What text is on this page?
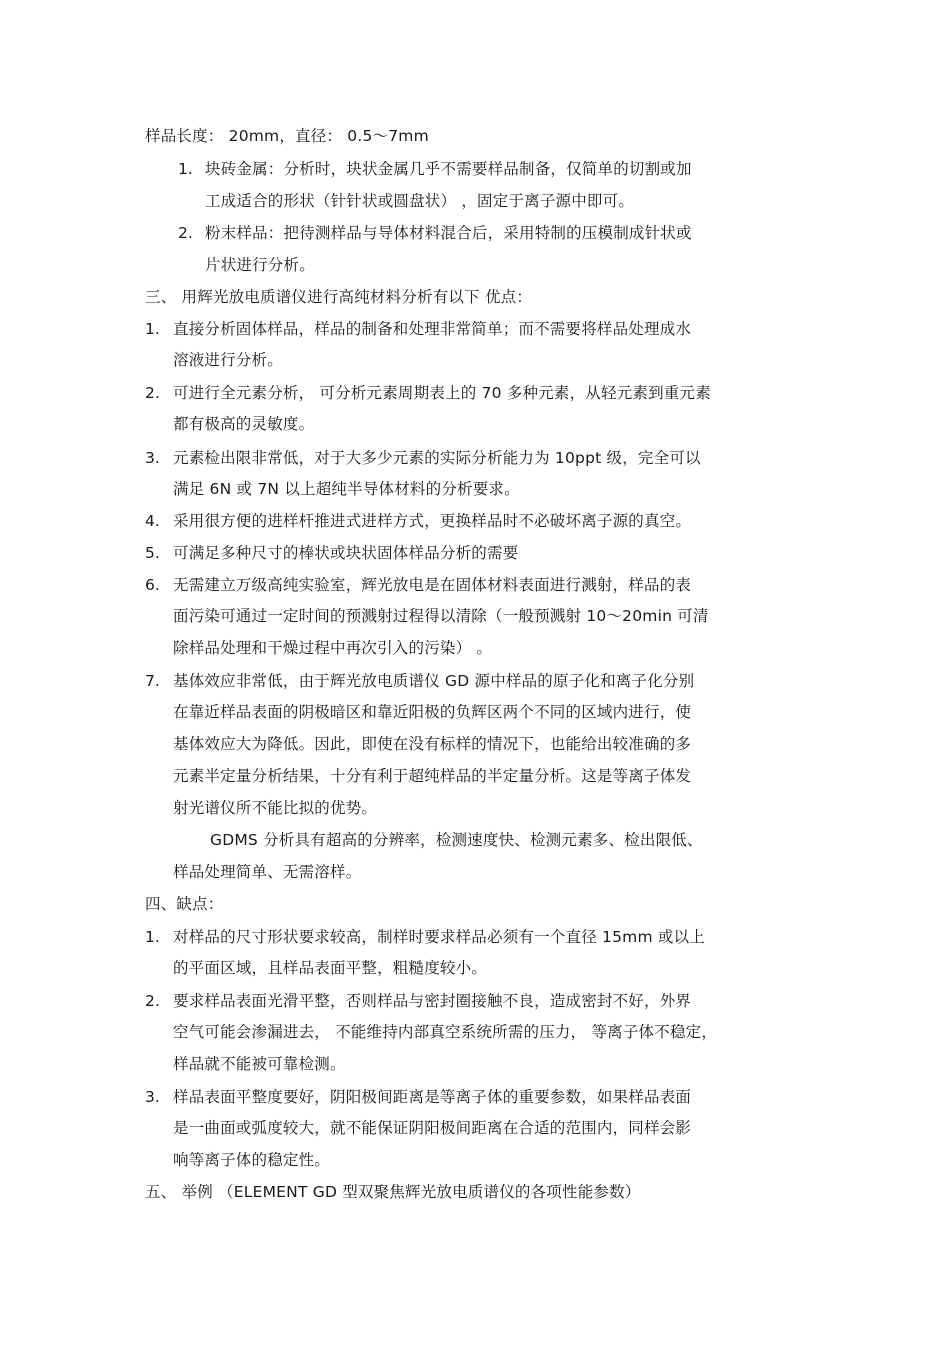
样品长度： 20mm，直径： 0.5～7mm
1. 块砖金属：分析时，块状金属几乎不需要样品制备，仅简单的切割或加
工成适合的形状（针针状或圆盘状） ，固定于离子源中即可。
2. 粉末样品：把待测样品与导体材料混合后，采用特制的压模制成针状或
片状进行分析。
三、 用辉光放电质谱仪进行高纯材料分析有以下 优点：
1. 直接分析固体样品，样品的制备和处理非常简单；而不需要将样品处理成水
溶液进行分析。
2. 可进行全元素分析， 可分析元素周期表上的 70 多种元素，从轻元素到重元素
都有极高的灵敏度。
3. 元素检出限非常低，对于大多少元素的实际分析能力为 10ppt 级，完全可以
满足 6N 或 7N 以上超纯半导体材料的分析要求。
4. 采用很方便的进样杆推进式进样方式，更换样品时不必破坏离子源的真空。
5. 可满足多种尺寸的棒状或块状固体样品分析的需要
6. 无需建立万级高纯实验室，辉光放电是在固体材料表面进行溅射，样品的表
面污染可通过一定时间的预溅射过程得以清除（一般预溅射 10～20min 可清
除样品处理和干燥过程中再次引入的污染） 。
7. 基体效应非常低，由于辉光放电质谱仪 GD 源中样品的原子化和离子化分别
在靠近样品表面的阴极暗区和靠近阳极的负辉区两个不同的区域内进行，使
基体效应大为降低。因此，即使在没有标样的情况下，也能给出较准确的多
元素半定量分析结果，十分有利于超纯样品的半定量分析。这是等离子体发
射光谱仪所不能比拟的优势。
GDMS 分析具有超高的分辨率，检测速度快、检测元素多、检出限低、
样品处理简单、无需溶样。
四、缺点：
1. 对样品的尺寸形状要求较高，制样时要求样品必须有一个直径 15mm 或以上
的平面区域，且样品表面平整，粗糙度较小。
2. 要求样品表面光滑平整，否则样品与密封圈接触不良，造成密封不好，外界
空气可能会渗漏进去， 不能维持内部真空系统所需的压力， 等离子体不稳定，
样品就不能被可靠检测。
3. 样品表面平整度要好，阴阳极间距离是等离子体的重要参数，如果样品表面
是一曲面或弧度较大，就不能保证阴阳极间距离在合适的范围内，同样会影
响等离子体的稳定性。
五、 举例 （ELEMENT GD 型双聚焦辉光放电质谱仪的各项性能参数）
